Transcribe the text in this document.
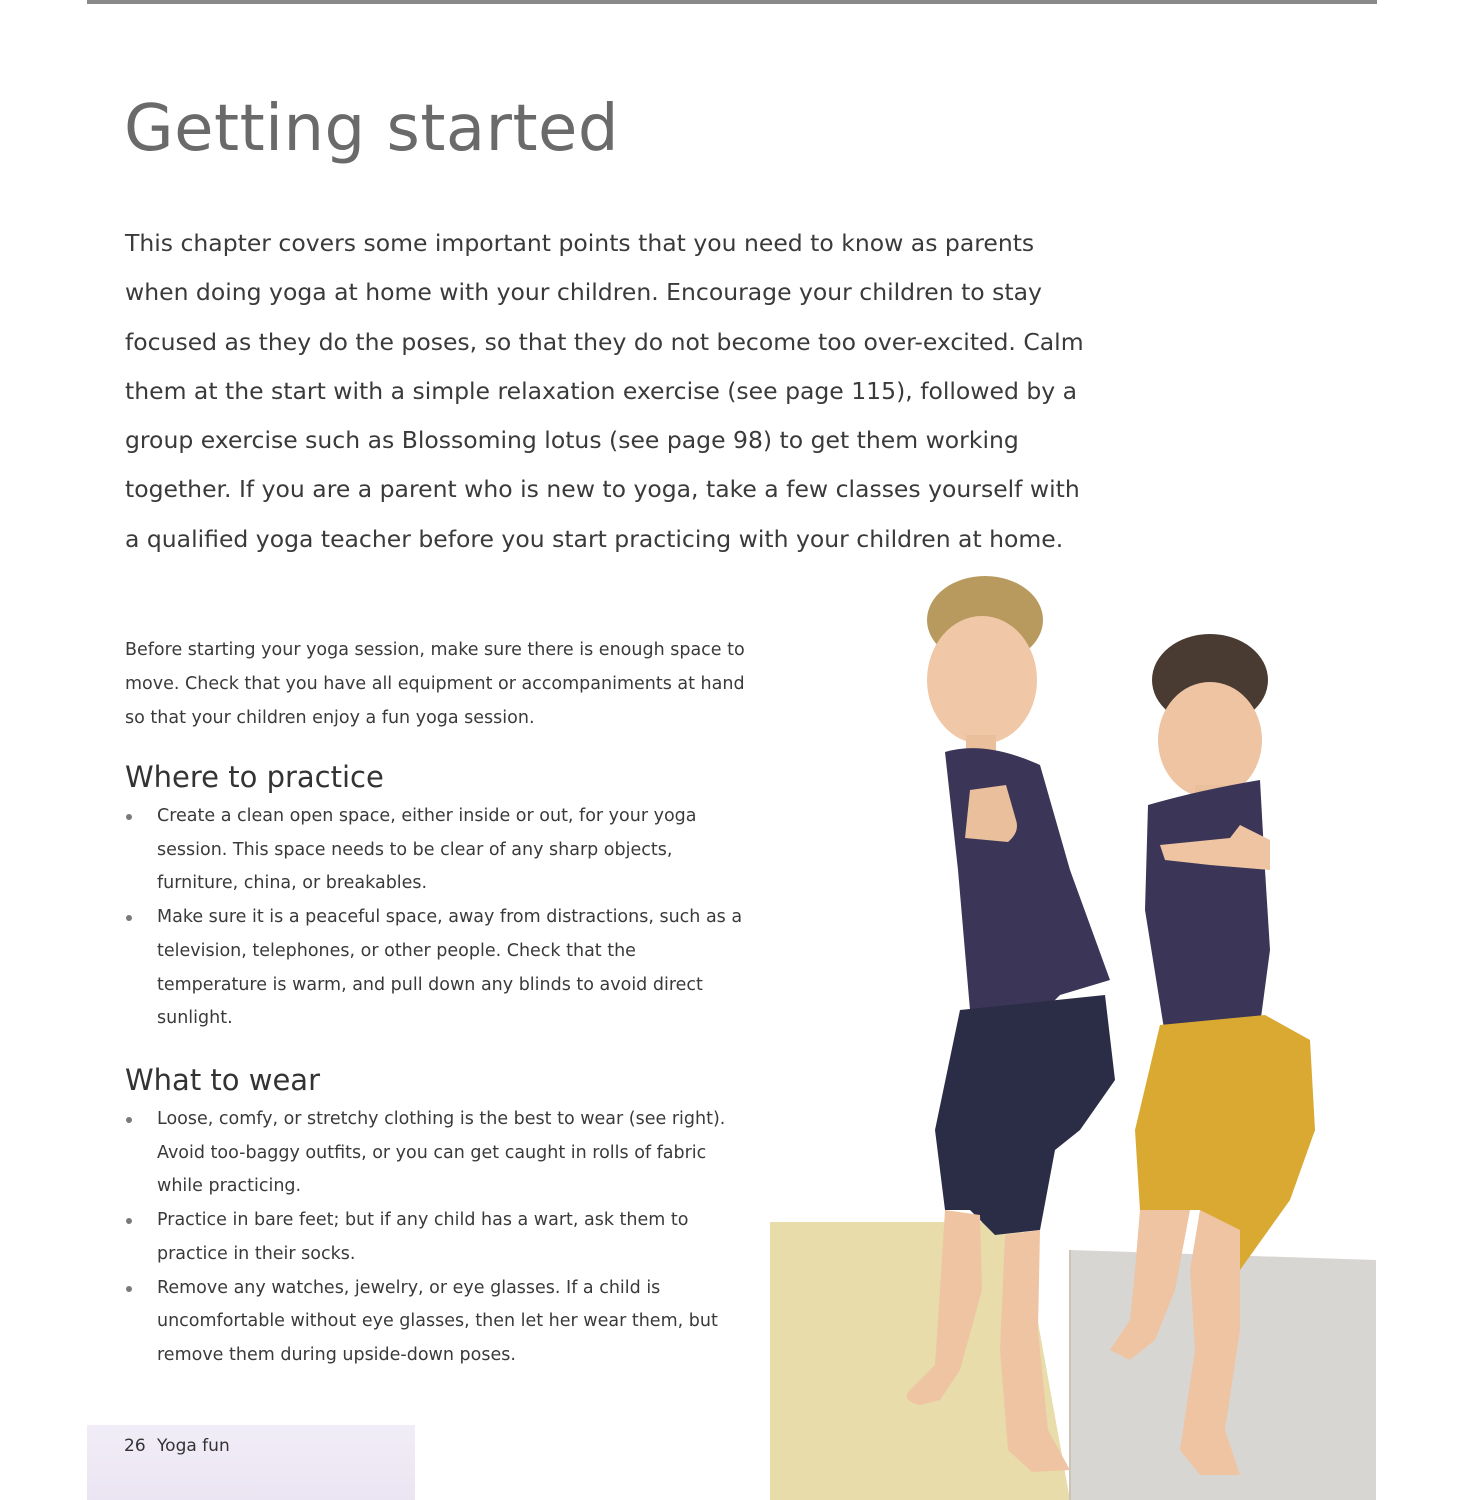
Getting started

This chapter covers some important points that you need to know as parents when doing yoga at home with your children. Encourage your children to stay focused as they do the poses, so that they do not become too over-excited. Calm them at the start with a simple relaxation exercise (see page 115), followed by a group exercise such as Blossoming lotus (see page 98) to get them working together. If you are a parent who is new to yoga, take a few classes yourself with a qualified yoga teacher before you start practicing with your children at home.

Before starting your yoga session, make sure there is enough space to move. Check that you have all equipment or accompaniments at hand so that your children enjoy a fun yoga session.

Where to practice
Create a clean open space, either inside or out, for your yoga session. This space needs to be clear of any sharp objects, furniture, china, or breakables.
Make sure it is a peaceful space, away from distractions, such as a television, telephones, or other people. Check that the temperature is warm, and pull down any blinds to avoid direct sunlight.
What to wear
Loose, comfy, or stretchy clothing is the best to wear (see right). Avoid too-baggy outfits, or you can get caught in rolls of fabric while practicing.
Practice in bare feet; but if any child has a wart, ask them to practice in their socks.
Remove any watches, jewelry, or eye glasses. If a child is uncomfortable without eye glasses, then let her wear them, but remove them during upside-down poses.
26 Yoga fun
